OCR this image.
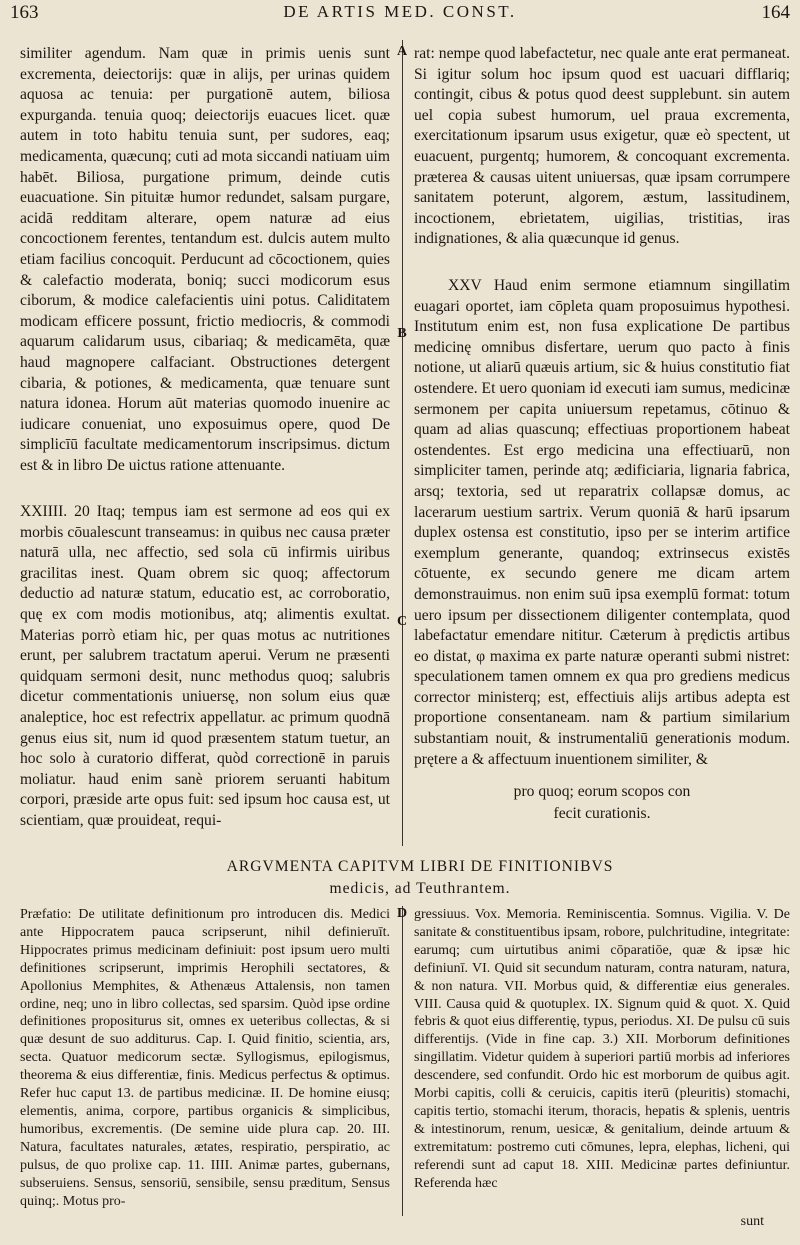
163	DE ARTIS MED. CONST.	164
A
B
C
D

similiter agendum. Nam quæ in primis uenis sunt excrementa, deiectorijs: quæ in alijs, per urinas quidem aquosa ac tenuia: per purgationē autem, biliosa expurganda. tenuia quoq; deiectorijs euacues licet. quæ autem in toto habitu tenuia sunt, per sudores, eaq; medicamenta, quæcunq; cuti ad mota siccandi natiuam uim habēt. Biliosa, purgatione primum, deinde cutis euacuatione. Sin pituitæ humor redundet, salsam purgare, acidā redditam alterare, opem naturæ ad eius concoctionem ferentes, tentandum est. dulcis autem multo etiam facilius concoquit. Perducunt ad cōcoctionem, quies & calefactio moderata, boniq; succi modicorum esus ciborum, & modice calefacientis uini potus. Caliditatem modicam efficere possunt, frictio mediocris, & commodi aquarum calidarum usus, cibariaq; & medicamēta, quæ haud magnopere calfaciant. Obstructiones detergent cibaria, & potiones, & medicamenta, quæ tenuare sunt natura idonea. Horum aūt materias quomodo inuenire ac iudicare conueniat, uno exposuimus opere, quod De simplicīū facultate medicamentorum inscripsimus. dictum est & in libro De uictus ratione attenuante.

XXIIII. 20 Itaq; tempus iam est sermone ad eos qui ex morbis cōualescunt transeamus: in quibus nec causa præter naturā ulla, nec affectio, sed sola cū infirmis uiribus gracilitas inest. Quam obrem sic quoq; affectorum deductio ad naturæ statum, educatio est, ac corroboratio, quę ex com modis motionibus, atq; alimentis exultat. Materias porrò etiam hic, per quas motus ac nutritiones erunt, per salubrem tractatum aperui. Verum ne præsenti quidquam sermoni desit, nunc methodus quoq; salubris dicetur commentationis uniuersę, non solum eius quæ analeptice, hoc est refectrix appellatur. ac primum quodnā genus eius sit, num id quod præsentem statum tuetur, an hoc solo à curatorio differat, quòd correctionē in paruis moliatur. haud enim sanè priorem seruanti habitum corpori, præside arte opus fuit: sed ipsum hoc causa est, ut scientiam, quæ prouideat, requi-

rat: nempe quod labefactetur, nec quale ante erat permaneat. Si igitur solum hoc ipsum quod est uacuari difflariq; contingit, cibus & potus quod deest supplebunt. sin autem uel copia subest humorum, uel praua excrementa, exercitationum ipsarum usus exigetur, quæ eò spectent, ut euacuent, purgentq; humorem, & concoquant excrementa. præterea & causas uitent uniuersas, quæ ipsam corrumpere sanitatem poterunt, algorem, æstum, lassitudinem, incoctionem, ebrietatem, uigilias, tristitias, iras indignationes, & alia quæcunque id genus.

XXV Haud enim sermone etiamnum singillatim euagari oportet, iam cōpleta quam proposuimus hypothesi. Institutum enim est, non fusa explicatione De partibus medicinę omnibus disfertare, uerum quo pacto à finis notione, ut aliarū quæuis artium, sic & huius constitutio fiat ostendere. Et uero quoniam id executi iam sumus, medicinæ sermonem per capita uniuersum repetamus, cōtinuo & quam ad alias quascunq; effectiuas proportionem habeat ostendentes. Est ergo medicina una effectiuarū, non simpliciter tamen, perinde atq; ædificiaria, lignaria fabrica, arsq; textoria, sed ut reparatrix collapsæ domus, ac lacerarum uestium sartrix. Verum quoniā & harū ipsarum duplex ostensa est constitutio, ipso per se interim artifice exemplum generante, quandoq; extrinsecus existēs cōtuente, ex secundo genere me dicam artem demonstrauimus. non enim suū ipsa exemplū format: totum uero ipsum per dissectionem diligenter contemplata, quod labefactatur emendare nititur. Cæterum à prędictis artibus eo distat, φ maxima ex parte naturæ operanti submi nistret: speculationem tamen omnem ex qua pro grediens medicus corrector ministerq; est, effectiuis alijs artibus adepta est proportione consentaneam. nam & partium similarium substantiam nouit, & instrumentaliū generationis modum. prętere a & affectuum inuentionem similiter, &

pro quoq; eorum scopos con

fecit curationis.

ARGVMENTA CAPITVM LIBRI DE FINITIONIBVS

medicis, ad Teuthrantem.

Præfatio: De utilitate definitionum pro introducen dis. Medici ante Hippocratem pauca scripserunt, nihil definieruīt. Hippocrates primus medicinam definiuit: post ipsum uero multi definitiones scripserunt, imprimis Herophili sectatores, & Apollonius Memphites, & Athenæus Attalensis, non tamen ordine, neq; uno in libro collectas, sed sparsim. Quòd ipse ordine definitiones propositurus sit, omnes ex ueteribus collectas, & si quæ desunt de suo additurus. Cap. I. Quid finitio, scientia, ars, secta. Quatuor medicorum sectæ. Syllogismus, epilogismus, theorema & eius differentiæ, finis. Medicus perfectus & optimus. Refer huc caput 13. de partibus medicinæ. II. De homine eiusq; elementis, anima, corpore, partibus organicis & simplicibus, humoribus, excrementis. (De semine uide plura cap. 20. III. Natura, facultates naturales, ætates, respiratio, perspiratio, ac pulsus, de quo prolixe cap. 11. IIII. Animæ partes, gubernans, subseruiens. Sensus, sensoriū, sensibile, sensu præditum, Sensus quinq;. Motus pro-

gressiuus. Vox. Memoria. Reminiscentia. Somnus. Vigilia. V. De sanitate & constituentibus ipsam, robore, pulchritudine, integritate: earumq; cum uirtutibus animi cōparatiōe, quæ & ipsæ hic definiunī. VI. Quid sit secundum naturam, contra naturam, natura, & non natura. VII. Morbus quid, & differentiæ eius generales. VIII. Causa quid & quotuplex. IX. Signum quid & quot. X. Quid febris & quot eius differentię, typus, periodus. XI. De pulsu cū suis differentijs. (Vide in fine cap. 3.) XII. Morborum definitiones singillatim. Videtur quidem à superiori partiū morbis ad inferiores descendere, sed confundit. Ordo hic est morborum de quibus agit. Morbi capitis, colli & ceruicis, capitis iterū (pleuritis) stomachi, capitis tertio, stomachi iterum, thoracis, hepatis & splenis, uentris & intestinorum, renum, uesicæ, & genitalium, deinde artuum & extremitatum: postremo cuti cōmunes, lepra, elephas, licheni, qui referendi sunt ad caput 18. XIII. Medicinæ partes definiuntur. Referenda hæc

sunt
